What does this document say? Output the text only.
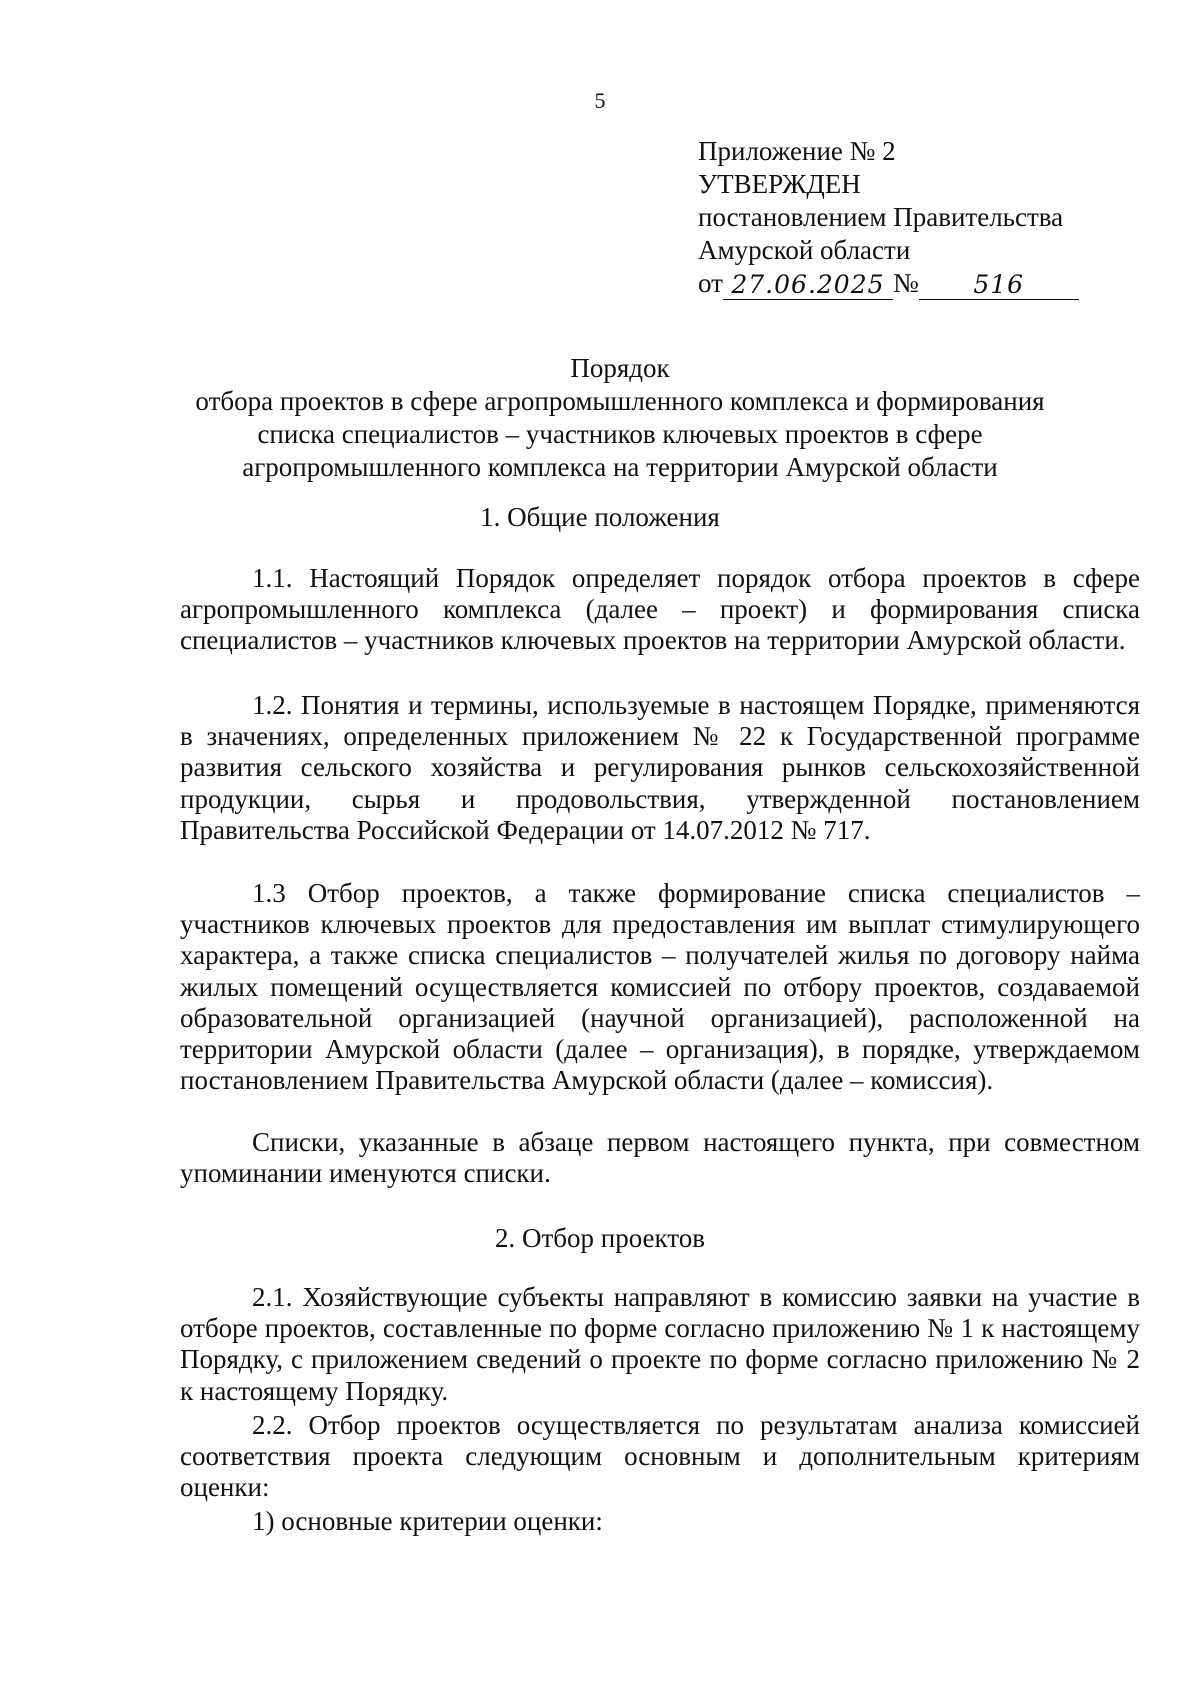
5
Приложение № 2
УТВЕРЖДЕН
постановлением Правительства
Амурской области
от 27.06.2025 №	516
Порядок
отбора проектов в сфере агропромышленного комплекса и формирования
списка специалистов – участников ключевых проектов в сфере
агропромышленного комплекса на территории Амурской области
1. Общие положения

1.1. Настоящий Порядок определяет порядок отбора проектов в сфере агропромышленного комплекса (далее – проект) и формирования списка специалистов – участников ключевых проектов на территории Амурской области.

1.2. Понятия и термины, используемые в настоящем Порядке, применяются в значениях, определенных приложением № 22 к Государственной программе развития сельского хозяйства и регулирования рынков сельскохозяйственной продукции, сырья и продовольствия, утвержденной постановлением Правительства Российской Федерации от 14.07.2012 № 717.

1.3 Отбор проектов, а также формирование списка специалистов – участников ключевых проектов для предоставления им выплат стимулирующего характера, а также списка специалистов – получателей жилья по договору найма жилых помещений осуществляется комиссией по отбору проектов, создаваемой образовательной организацией (научной организацией), расположенной на территории Амурской области (далее – организация), в порядке, утверждаемом постановлением Правительства Амурской области (далее – комиссия).

Списки, указанные в абзаце первом настоящего пункта, при совместном упоминании именуются списки.

2. Отбор проектов

2.1. Хозяйствующие субъекты направляют в комиссию заявки на участие в отборе проектов, составленные по форме согласно приложению № 1 к настоящему Порядку, с приложением сведений о проекте по форме согласно приложению № 2 к настоящему Порядку.

2.2. Отбор проектов осуществляется по результатам анализа комиссией соответствия проекта следующим основным и дополнительным критериям оценки:

1) основные критерии оценки:
